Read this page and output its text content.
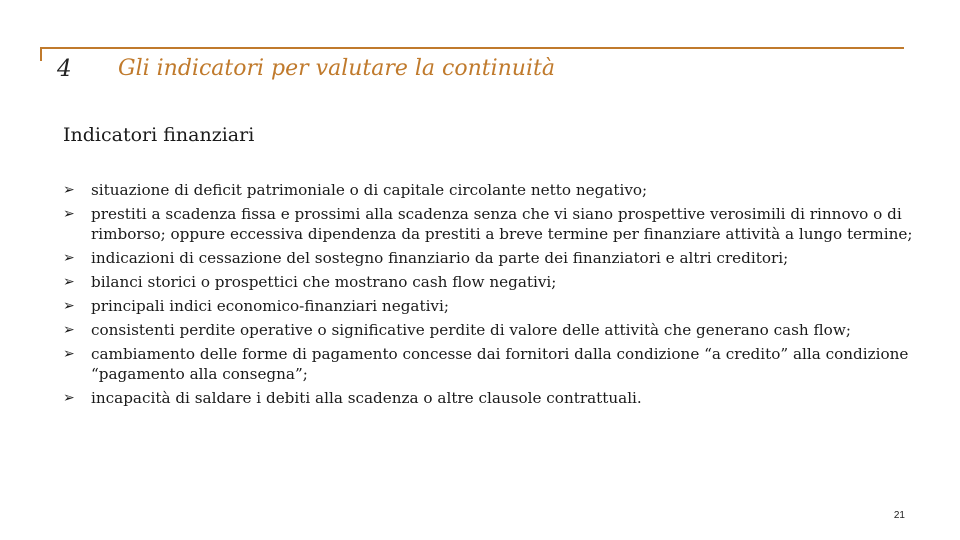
4 Gli indicatori per valutare la continuità
Indicatori finanziari
➢ situazione di deficit patrimoniale o di capitale circolante netto negativo;
➢ prestiti a scadenza fissa e prossimi alla scadenza senza che vi siano prospettive verosimili di rinnovo o di rimborso; oppure eccessiva dipendenza da prestiti a breve termine per finanziare attività a lungo termine;
➢ indicazioni di cessazione del sostegno finanziario da parte dei finanziatori e altri creditori;
➢ bilanci storici o prospettici che mostrano cash flow negativi;
➢ principali indici economico-finanziari negativi;
➢ consistenti perdite operative o significative perdite di valore delle attività che generano cash flow;
➢ cambiamento delle forme di pagamento concesse dai fornitori dalla condizione “a credito” alla condizione “pagamento alla consegna”;
➢ incapacità di saldare i debiti alla scadenza o altre clausole contrattuali.
21
